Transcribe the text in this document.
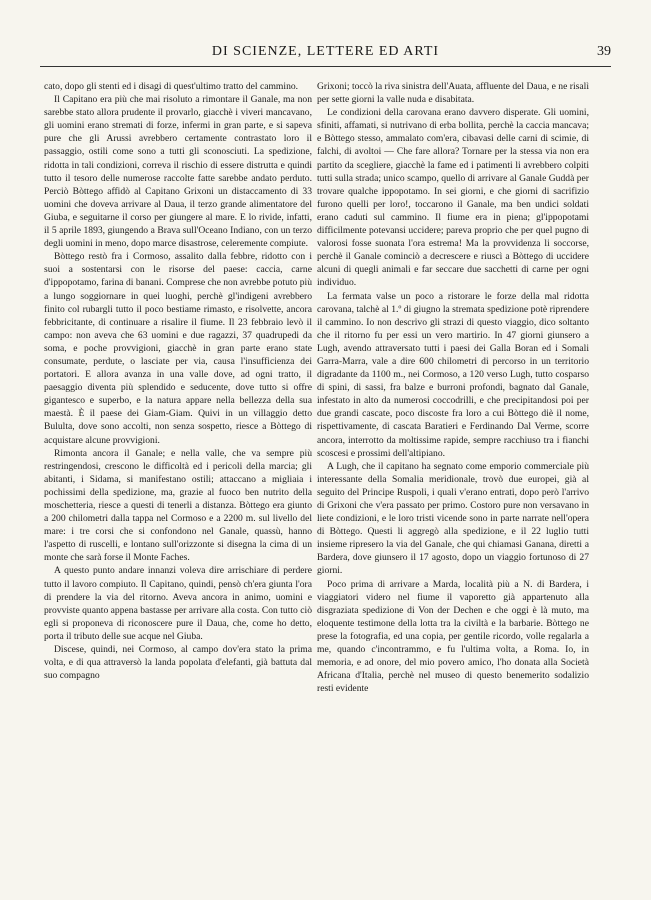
DI SCIENZE, LETTERE ED ARTI	39

cato, dopo gli stenti ed i disagi di quest'ultimo tratto del cammino.

Il Capitano era più che mai risoluto a rimontare il Ganale, ma non sarebbe stato allora prudente il provarlo, giacchè i viveri mancavano, gli uomini erano stremati di forze, infermi in gran parte, e si sapeva pure che gli Arussi avrebbero certamente contrastato loro il passaggio, ostili come sono a tutti gli sconosciuti. La spedizione, ridotta in tali condizioni, correva il rischio di essere distrutta e quindi tutto il tesoro delle numerose raccolte fatte sarebbe andato perduto. Perciò Bòttego affidò al Capitano Grixoni un distaccamento di 33 uomini che doveva arrivare al Daua, il terzo grande alimentatore del Giuba, e seguitarne il corso per giungere al mare. E lo rivide, infatti, il 5 aprile 1893, giungendo a Brava sull'Oceano Indiano, con un terzo degli uomini in meno, dopo marce disastrose, celeremente compiute.

Bòttego restò fra i Cormoso, assalito dalla febbre, ridotto con i suoi a sostentarsi con le risorse del paese: caccia, carne d'ippopotamo, farina di banani. Comprese che non avrebbe potuto più a lungo soggiornare in quei luoghi, perchè gl'indigeni avrebbero finito col rubargli tutto il poco bestiame rimasto, e risolvette, ancora febbricitante, di continuare a risalire il fiume. Il 23 febbraio levò il campo: non aveva che 63 uomini e due ragazzi, 37 quadrupedi da soma, e poche provvigioni, giacchè in gran parte erano state consumate, perdute, o lasciate per via, causa l'insufficienza dei portatori. E allora avanza in una valle dove, ad ogni tratto, il paesaggio diventa più splendido e seducente, dove tutto si offre gigantesco e superbo, e la natura appare nella bellezza della sua maestà. È il paese dei Giam-Giam. Quivi in un villaggio detto Bululta, dove sono accolti, non senza sospetto, riesce a Bòttego di acquistare alcune provvigioni.

Rimonta ancora il Ganale; e nella valle, che va sempre più restringendosi, crescono le difficoltà ed i pericoli della marcia; gli abitanti, i Sidama, si manifestano ostili; attaccano a migliaia i pochissimi della spedizione, ma, grazie al fuoco ben nutrito della moschetteria, riesce a questi di tenerli a distanza. Bòttego era giunto a 200 chilometri dalla tappa nel Cormoso e a 2200 m. sul livello del mare: i tre corsi che si confondono nel Ganale, quassù, hanno l'aspetto di ruscelli, e lontano sull'orizzonte si disegna la cima di un monte che sarà forse il Monte Faches.

A questo punto andare innanzi voleva dire arrischiare di perdere tutto il lavoro compiuto. Il Capitano, quindi, pensò ch'era giunta l'ora di prendere la via del ritorno. Aveva ancora in animo, uomini e provviste quanto appena bastasse per arrivare alla costa. Con tutto ciò egli si proponeva di riconoscere pure il Daua, che, come ho detto, porta il tributo delle sue acque nel Giuba.

Discese, quindi, nei Cormoso, al campo dov'era stato la prima volta, e di qua attraversò la landa popolata d'elefanti, già battuta dal suo compagno

Grixoni; toccò la riva sinistra dell'Auata, affluente del Daua, e ne risalì per sette giorni la valle nuda e disabitata.

Le condizioni della carovana erano davvero disperate. Gli uomini, sfiniti, affamati, si nutrivano di erba bollita, perchè la caccia mancava; e Bòttego stesso, ammalato com'era, cibavasi delle carni di scimie, di falchi, di avoltoi — Che fare allora? Tornare per la stessa via non era partito da scegliere, giacchè la fame ed i patimenti li avrebbero colpiti tutti sulla strada; unico scampo, quello di arrivare al Ganale Guddà per trovare qualche ippopotamo. In sei giorni, e che giorni di sacrifizio furono quelli per loro!, toccarono il Ganale, ma ben undici soldati erano caduti sul cammino. Il fiume era in piena; gl'ippopotami difficilmente potevansi uccidere; pareva proprio che per quel pugno di valorosi fosse suonata l'ora estrema! Ma la provvidenza li soccorse, perchè il Ganale cominciò a decrescere e riuscì a Bòttego di uccidere alcuni di quegli animali e far seccare due sacchetti di carne per ogni individuo.

La fermata valse un poco a ristorare le forze della mal ridotta carovana, talchè al 1.º di giugno la stremata spedizione potè riprendere il cammino. Io non descrivo gli strazi di questo viaggio, dico soltanto che il ritorno fu per essi un vero martirio. In 47 giorni giunsero a Lugh, avendo attraversato tutti i paesi dei Galla Boran ed i Somali Garra-Marra, vale a dire 600 chilometri di percorso in un territorio digradante da 1100 m., nei Cormoso, a 120 verso Lugh, tutto cosparso di spini, di sassi, fra balze e burroni profondi, bagnato dal Ganale, infestato in alto da numerosi coccodrilli, e che precipitandosi poi per due grandi cascate, poco discoste fra loro a cui Bòttego diè il nome, rispettivamente, di cascata Baratieri e Ferdinando Dal Verme, scorre ancora, interrotto da moltissime rapide, sempre racchiuso tra i fianchi scoscesi e prossimi dell'altipiano.

A Lugh, che il capitano ha segnato come emporio commerciale più interessante della Somalia meridionale, trovò due europei, già al seguito del Principe Ruspoli, i quali v'erano entrati, dopo però l'arrivo di Grixoni che v'era passato per primo. Costoro pure non versavano in liete condizioni, e le loro tristi vicende sono in parte narrate nell'opera di Bòttego. Questi li aggregò alla spedizione, e il 22 luglio tutti insieme ripresero la via del Ganale, che qui chiamasi Ganana, diretti a Bardera, dove giunsero il 17 agosto, dopo un viaggio fortunoso di 27 giorni.

Poco prima di arrivare a Marda, località più a N. di Bardera, i viaggiatori videro nel fiume il vaporetto già appartenuto alla disgraziata spedizione di Von der Dechen e che oggi è là muto, ma eloquente testimone della lotta tra la civiltà e la barbarie. Bòttego ne prese la fotografia, ed una copia, per gentile ricordo, volle regalarla a me, quando c'incontrammo, e fu l'ultima volta, a Roma. Io, in memoria, e ad onore, del mio povero amico, l'ho donata alla Società Africana d'Italia, perchè nel museo di questo benemerito sodalizio resti evidente
